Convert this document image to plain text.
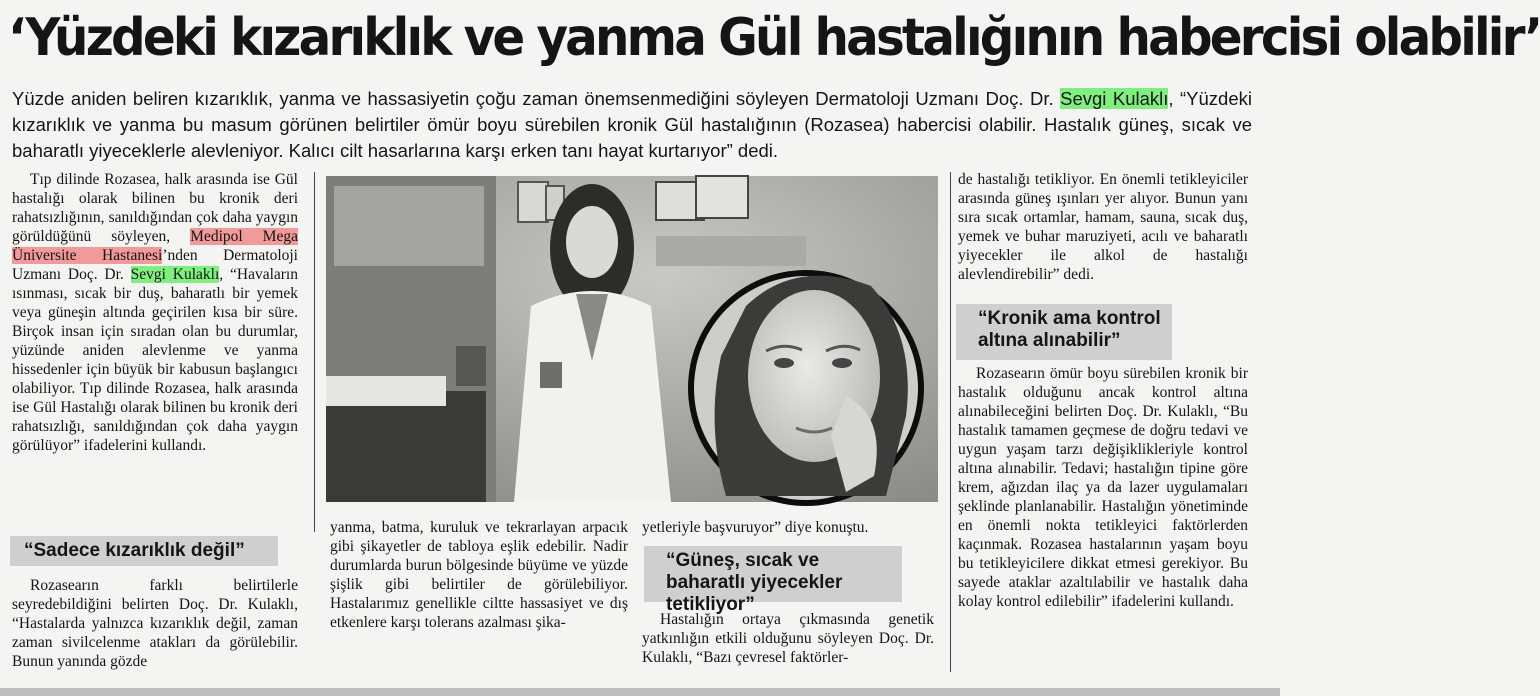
‘Yüzdeki kızarıklık ve yanma Gül hastalığının habercisi olabilir’
Yüzde aniden beliren kızarıklık, yanma ve hassasiyetin çoğu zaman önemsenmediğini söyleyen Dermatoloji Uzmanı Doç. Dr. Sevgi Kulaklı, “Yüzdeki kızarıklık ve yanma bu masum görünen belirtiler ömür boyu sürebilen kronik Gül hastalığının (Rozasea) habercisi olabilir. Hastalık güneş, sıcak ve baharatlı yiyeceklerle alevleniyor. Kalıcı cilt hasarlarına karşı erken tanı hayat kurtarıyor” dedi.

Tıp dilinde Rozasea, halk arasında ise Gül hastalığı olarak bilinen bu kronik deri rahatsızlığının, sanıldığından çok daha yaygın görüldüğünü söyleyen, Medipol Mega Üniversite Hastanesi’nden Dermatoloji Uzmanı Doç. Dr. Sevgi Kulaklı, “Havaların ısınması, sıcak bir duş, baharatlı bir yemek veya güneşin altında geçirilen kısa bir süre. Birçok insan için sıradan olan bu durumlar, yüzünde aniden alevlenme ve yanma hissedenler için büyük bir kabusun başlangıcı olabiliyor. Tıp dilinde Rozasea, halk arasında ise Gül Hastalığı olarak bilinen bu kronik deri rahatsızlığı, sanıldığından çok daha yaygın görülüyor” ifadelerini kullandı.

“Sadece kızarıklık değil”

Rozasearın farklı belirtilerle seyredebildiğini belirten Doç. Dr. Kulaklı, “Hastalarda yalnızca kızarıklık değil, zaman zaman sivilcelenme atakları da görülebilir. Bunun yanında gözde

yanma, batma, kuruluk ve tekrarlayan arpacık gibi şikayetler de tabloya eşlik edebilir. Nadir durumlarda burun bölgesinde büyüme ve yüzde şişlik gibi belirtiler de görülebiliyor. Hastalarımız genellikle ciltte hassasiyet ve dış etkenlere karşı tolerans azalması şika-

yetleriyle başvuruyor” diye konuştu.

“Güneş, sıcak ve baharatlı yiyecekler tetikliyor”

Hastalığın ortaya çıkmasında genetik yatkınlığın etkili olduğunu söyleyen Doç. Dr. Kulaklı, “Bazı çevresel faktörler-

de hastalığı tetikliyor. En önemli tetikleyiciler arasında güneş ışınları yer alıyor. Bunun yanı sıra sıcak ortamlar, hamam, sauna, sıcak duş, yemek ve buhar maruziyeti, acılı ve baharatlı yiyecekler ile alkol de hastalığı alevlendirebilir” dedi.

“Kronik ama kontrol altına alınabilir”

Rozasearın ömür boyu sürebilen kronik bir hastalık olduğunu ancak kontrol altına alınabileceğini belirten Doç. Dr. Kulaklı, “Bu hastalık tamamen geçmese de doğru tedavi ve uygun yaşam tarzı değişiklikleriyle kontrol altına alınabilir. Tedavi; hastalığın tipine göre krem, ağızdan ilaç ya da lazer uygulamaları şeklinde planlanabilir. Hastalığın yönetiminde en önemli nokta tetikleyici faktörlerden kaçınmak. Rozasea hastalarının yaşam boyu bu tetikleyicilere dikkat etmesi gerekiyor. Bu sayede ataklar azaltılabilir ve hastalık daha kolay kontrol edilebilir” ifadelerini kullandı.
